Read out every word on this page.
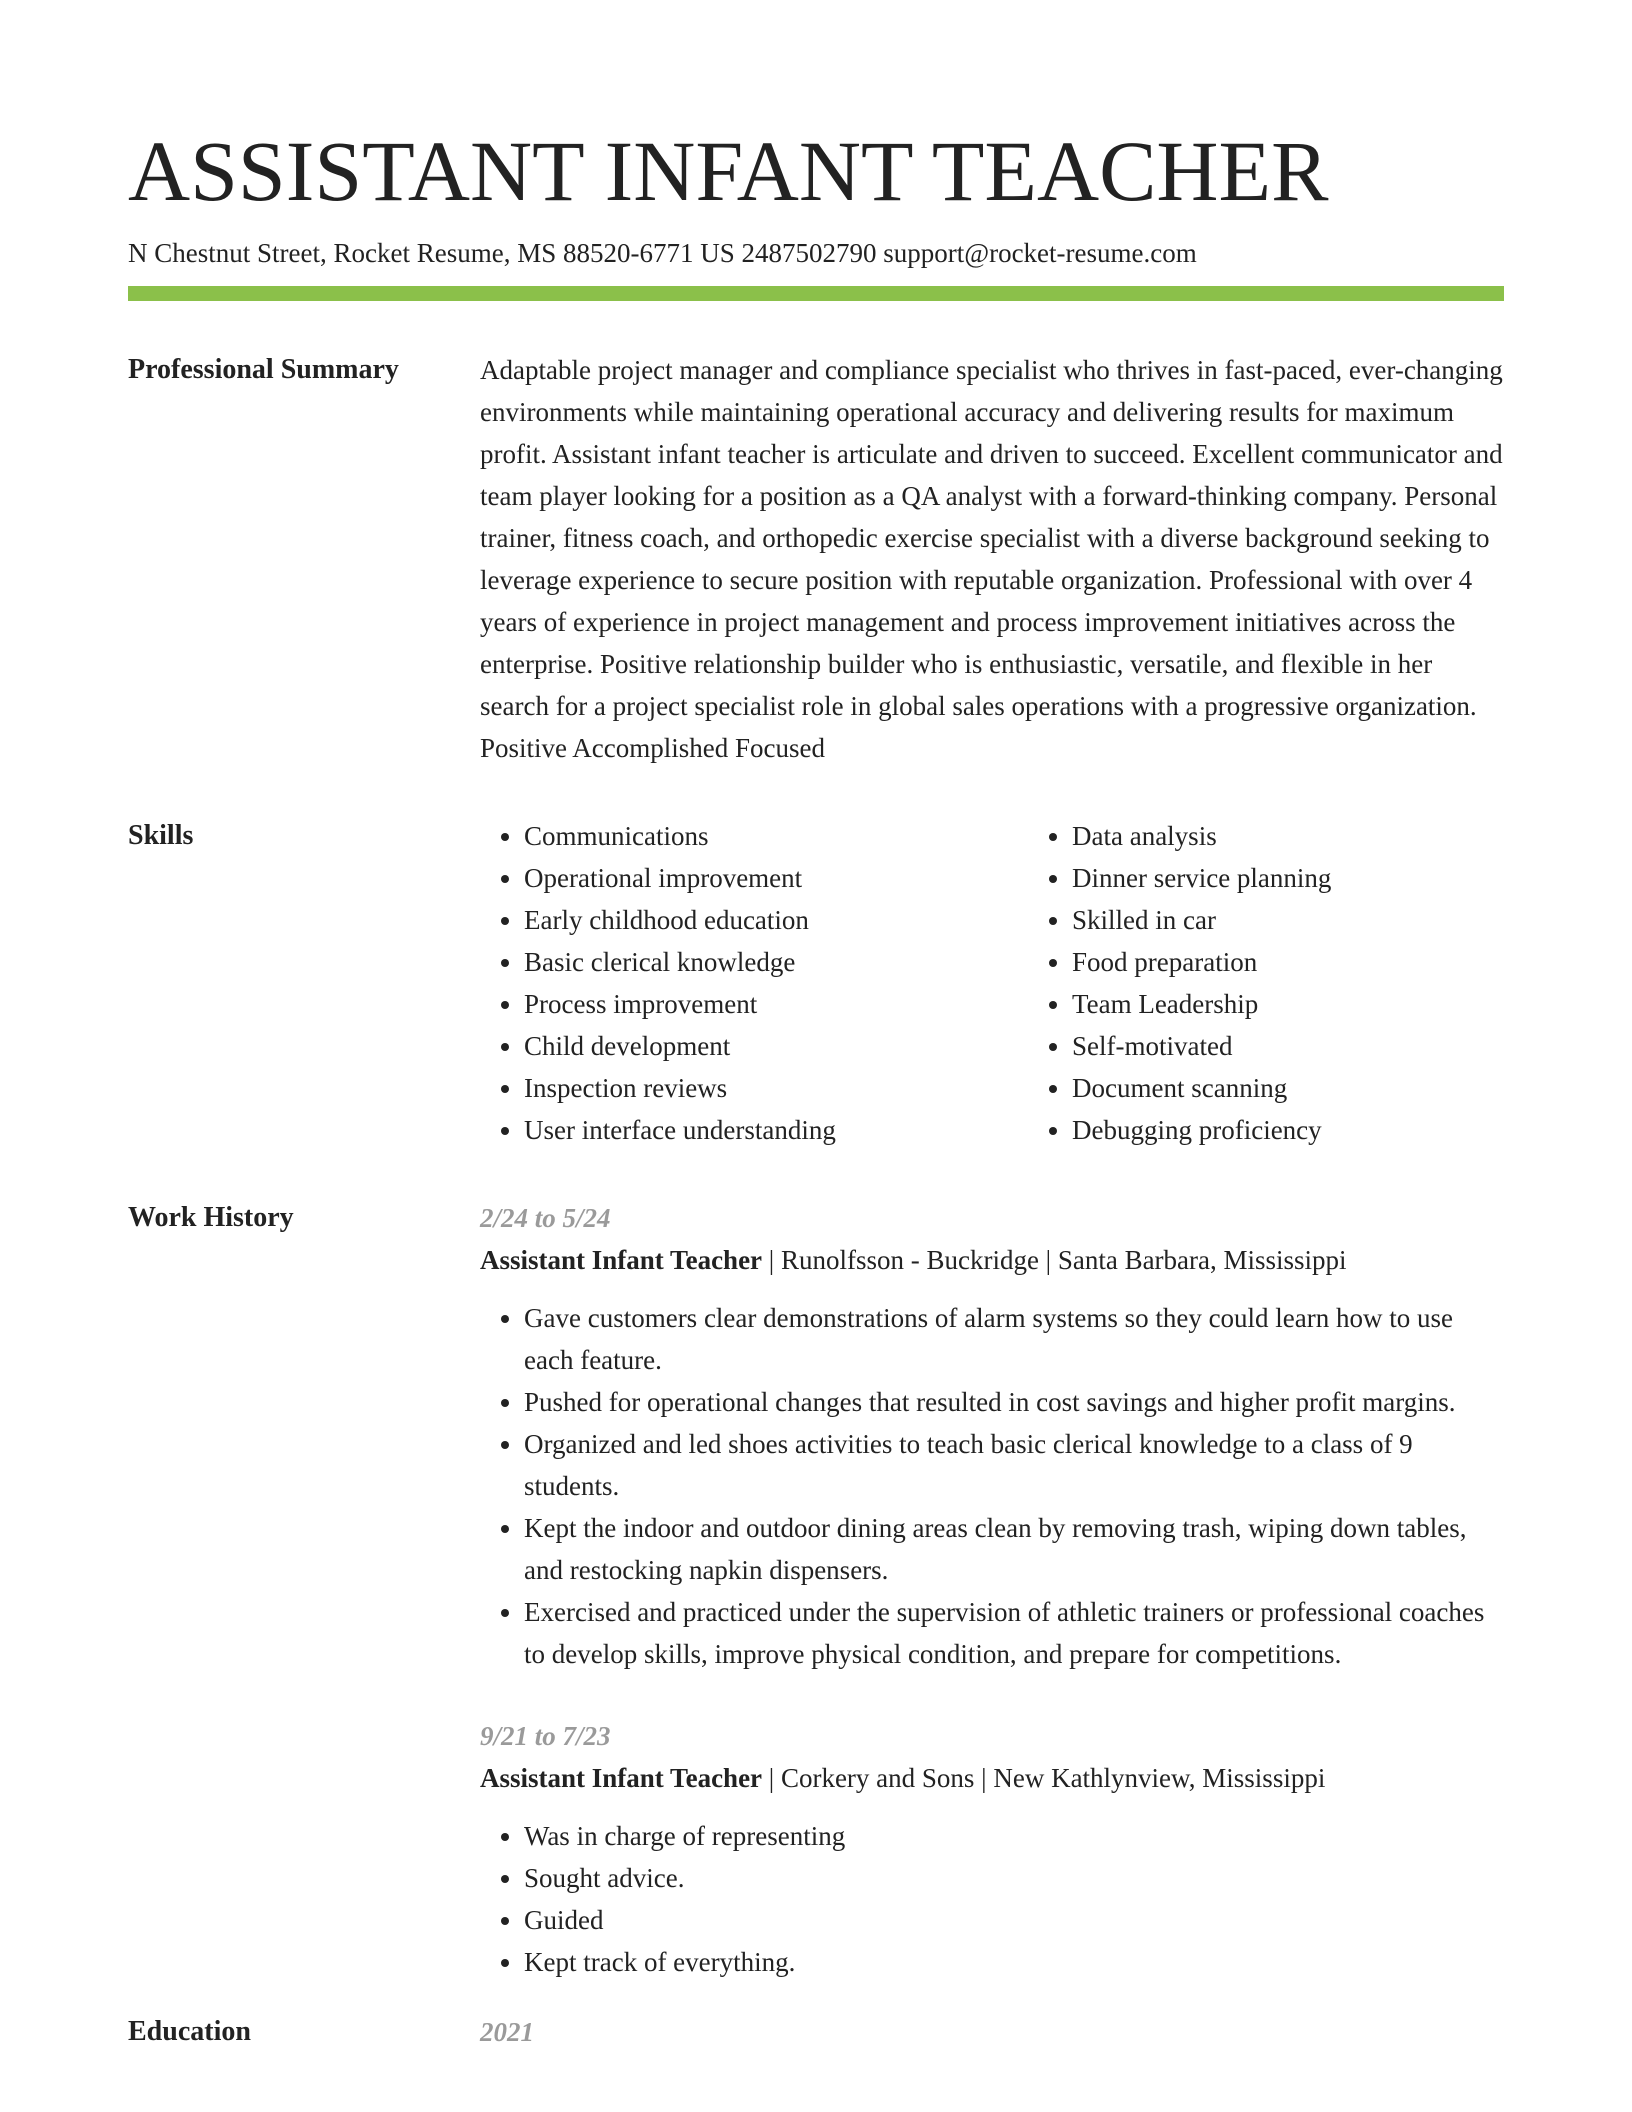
ASSISTANT INFANT TEACHER
N Chestnut Street, Rocket Resume, MS 88520-6771 US 2487502790 support@rocket-resume.com
Professional Summary	Adaptable project manager and compliance specialist who thrives in fast-paced, ever-changing environments while maintaining operational accuracy and delivering results for maximum profit. Assistant infant teacher is articulate and driven to succeed. Excellent communicator and team player looking for a position as a QA analyst with a forward-thinking company. Personal trainer, fitness coach, and orthopedic exercise specialist with a diverse background seeking to leverage experience to secure position with reputable organization. Professional with over 4 years of experience in project management and process improvement initiatives across the enterprise. Positive relationship builder who is enthusiastic, versatile, and flexible in her search for a project specialist role in global sales operations with a progressive organization. Positive Accomplished Focused

Skills
•	Communications
• Operational improvement
• Early childhood education
• Basic clerical knowledge
• Process improvement
• Child development
• Inspection reviews
• User interface understanding
• Data analysis
• Dinner service planning
• Skilled in car
• Food preparation
• Team Leadership
• Self-motivated
• Document scanning
• Debugging proficiency
Work History	2/24 to 5/24
Assistant Infant Teacher | Runolfsson - Buckridge | Santa Barbara, Mississippi
• Gave customers clear demonstrations of alarm systems so they could learn how to use each feature.
• Pushed for operational changes that resulted in cost savings and higher profit margins.
• Organized and led shoes activities to teach basic clerical knowledge to a class of 9 students.
• Kept the indoor and outdoor dining areas clean by removing trash, wiping down tables, and restocking napkin dispensers.
• Exercised and practiced under the supervision of athletic trainers or professional coaches to develop skills, improve physical condition, and prepare for competitions.
9/21 to 7/23
Assistant Infant Teacher | Corkery and Sons | New Kathlynview, Mississippi
• Was in charge of representing
• Sought advice.
• Guided
• Kept track of everything.
Education	2021
